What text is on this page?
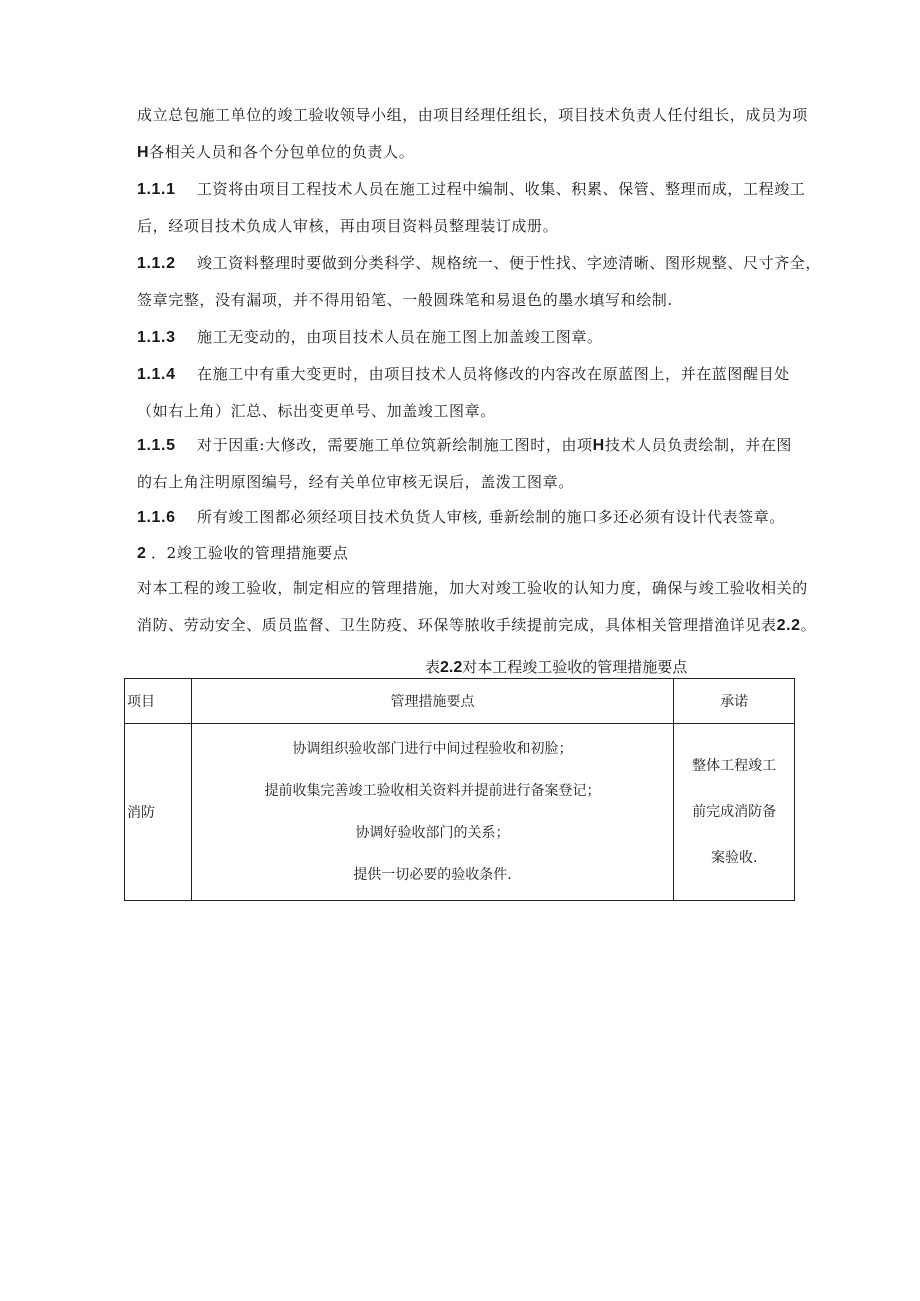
成立总包施工单位的竣工验收领导小组，由项目经理任组长，项目技术负责人任付组长，成员为项
H各相关人员和各个分包单位的负责人。
1.1.1 工资将由项目工程技术人员在施工过程中编制、收集、积累、保管、整理而成，工程竣工
后，经项目技术负成人审核，再由项目资料员整理装订成册。
1.1.2 竣工资料整理时要做到分类科学、规格统一、便于性找、字迹清晰、图形规整、尺寸齐全，
签章完整，没有漏项，并不得用铅笔、一般圆珠笔和易退色的墨水填写和绘制.
1.1.3 施工无变动的，由项目技术人员在施工图上加盖竣工图章。
1.1.4 在施工中有重大变更时，由项目技术人员将修改的内容改在原蓝图上，并在蓝图醒目处
（如右上角）汇总、标出变更单号、加盖竣工图章。
1.1.5 对于因重:大修改，需要施工单位筑新绘制施工图时，由项H技术人员负责绘制，并在图
的右上角注明原图编号，经有关单位审核无误后，盖泼工图章。
1.1.6 所有竣工图都必须经项目技术负货人审核, 垂新绘制的施口多还必须有设计代表签章。
2 ．2竣工验收的管理措施要点
对本工程的竣工验收，制定相应的管理措施，加大对竣工验收的认知力度，确保与竣工验收相关的
消防、劳动安全、质员监督、卫生防疫、环保等脓收手续提前完成，具体相关管理措渔详见表2.2。
表2.2对本工程竣工验收的管理措施要点
项目	管理措施要点	承诺
消防	协调组织验收部门进行中间过程验收和初脸；
提前收集完善竣工验收相关资料并提前进行备案登记；
协调好验收部门的关系；
提供一切必要的验收条件.	整体工程竣工前完成消防备案验收.
